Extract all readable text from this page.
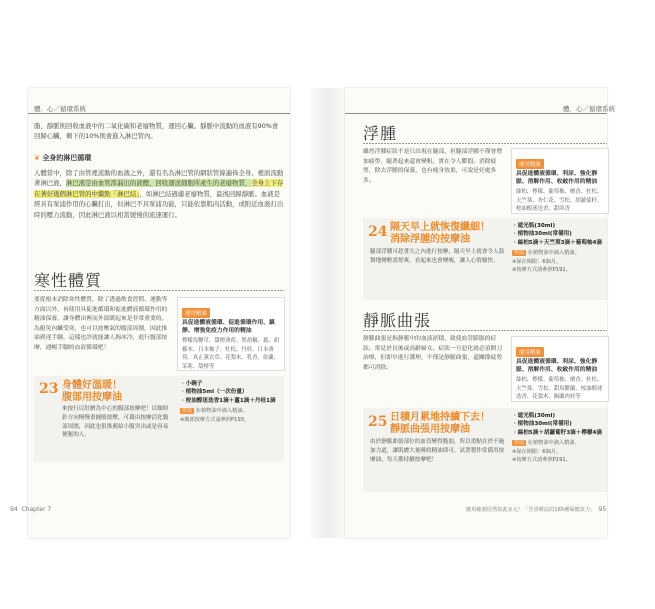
體．心／循環系統
脂，靜脈則回收血液中的二氧化碳和老廢物質，運回心臟。靜脈中流動的血液有90%會回歸心臟，剩下的10%則會進入淋巴管內。
❦ 全身的淋巴循環
人體當中，除了由管裡流動的血液之外，還有名為淋巴管的網狀管線遍佈全身。裡面流動著淋巴液，淋巴液是由血管滲漏出的液體，回收運送細胞所產生的老廢物質，全身上下存在著好幾個淋巴管的中繼點「淋巴結」，如淋巴結過濾老廢物質，最後回歸靜脈。血液是經具有泵浦作用的心臟打出，但淋巴不具泵浦功能，只能依靠肌肉活動，或附近血液打出時的壓力流動，因此淋巴液以相當緩慢的流速運行。
寒性體質
要從根本消除寒性體質，除了透過飲食習慣、運動等方面以外，再使用具促進循環和促進體液循環作用的精油保養，讓身體由裡而外溫暖起來是非常重要的。為避免內臟受寒，也可以按壓氣的腹部周圍，因此推油到達手腳，這樣也許就能讓人夠冰冷，進行腹部按摩，通暢手腳的血液循環吧！
運用精油
具促進體液循環、促進循環作用、鎮靜、增強免疫力作用的精油
檸檬馬鞭草、甜橙薄荷、黑胡椒、薑、胡椒木、日本柚子、杜松、丹桂、日本薄荷、真正薰衣草、花梨木、乳香、依蘭、茉莉、甜橙等
23 身體好溫暖！
腹部用按摩油
來按行以肚臍為中心的腹部按摩吧！以順時針方向慢慢畫圓般按壓，可藉由按摩活化腹部周圍，因此也很推薦給小腹突出或是容易便秘的人。
・小碗子
・植物油5ml（一次份量）
・桉油醇迷迭香1滴＋薑1滴＋丹桂1滴
作法 在植物油中滴入精油。
※腹部按摩方式請參照P193。
94 Chapter 7
體．心／循環系統
浮腫
雖然浮腫症狀不是只出現在腿部，但腿部浮腫不僅會增加疲勞，隨著起來還會變粗，實在令人鬱悶。消除疲勞，除去浮腫的保養，也有瘦身效果，可說是好處多多。
運用精油
具促進體液循環、利尿、強化靜脈、溶解作用、收斂作用的精油
絲柏、檸檬、葡萄柚、檀香、杜松、天竺葵、杏仁花、雪松、胡蘿蔔籽、桉油醇迷迭香、甜茴香
24 隔天早上就恢復纖細！
消除浮腫的按摩油
腿部浮腫可趁著天之內進行按摩，隔天早上就會令人鼓舞地變輕盈舒爽，看起來也會變瘦，讓人心情愉快。
・遮光瓶(30ml)
・植物油30ml(常備用)
・絲柏5滴＋天竺葵3滴＋葡萄柚4滴
作法 在植物油中滴入精油。
※保存期限：6個月。
※按摩方式請參照P191。
靜脈曲張
靜脈曲張是指靜脈中的血液淤積，致使血管膨脹的症狀。常見於長後或高齡婦女，症狀一旦惡化就必須開刀治療，但即早進行護理，不僅是靜脈曲張，還關節疲勞都可消除。
運用精油
具促進體液循環、利尿、強化靜脈、溶解作用、收斂作用的精油
絲柏、檸檬、葡萄柚、檀香、杜松、天竺葵、雪松、甜馬鬱蘭、桉油醇迷迭香、花梨木、錫蘭肉桂等
25 日積月累地持續下去！
靜脈曲張用按摩油
由於靜脈曲張部位的血管變得脆弱，所以重點在於不施加力道，讓肌膚大量吸收精油即可。試著製作常備用按摩油，每天都持續按摩吧！
・遮光瓶(30ml)
・植物油30ml(常備用)
・絲柏5滴＋胡蘿蔔籽3滴＋檸檬4滴
作法 在植物油中滴入精油。
※保存期限：6個月。
※按摩方式請參照P191。
應用範圍居然如此多元！「芳香療法的165種保健效力」 95
